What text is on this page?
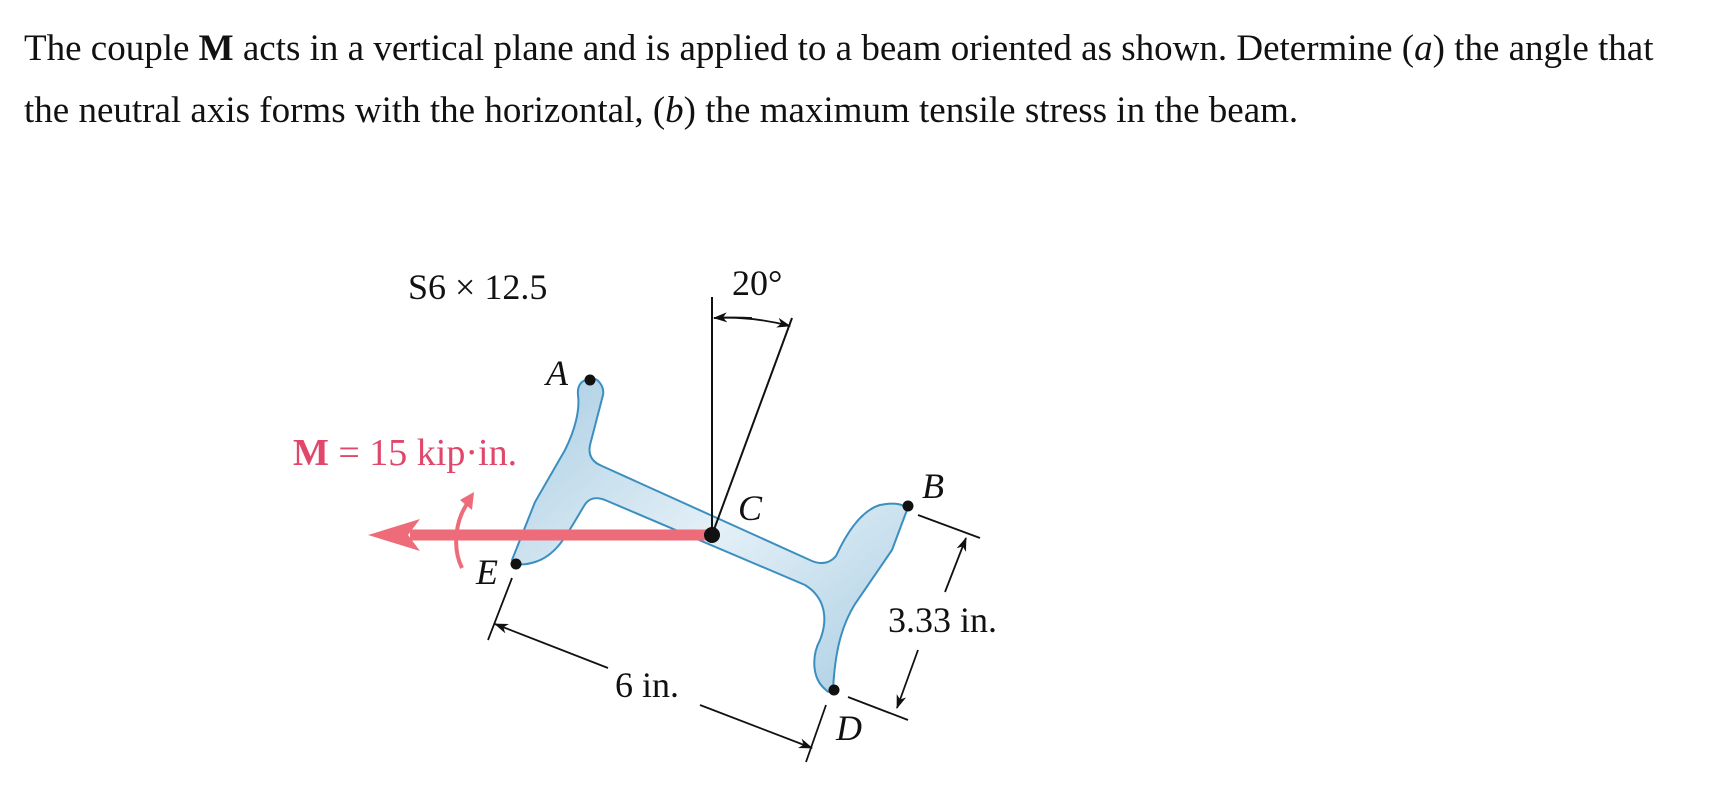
The couple M acts in a vertical plane and is applied to a beam oriented as shown. Determine (a) the angle that the neutral axis forms with the horizontal, (b) the maximum tensile stress in the beam.

S6 × 12.5	20°
A
B
C
D
E
6 in.
3.33 in.
M = 15 kip·in.
